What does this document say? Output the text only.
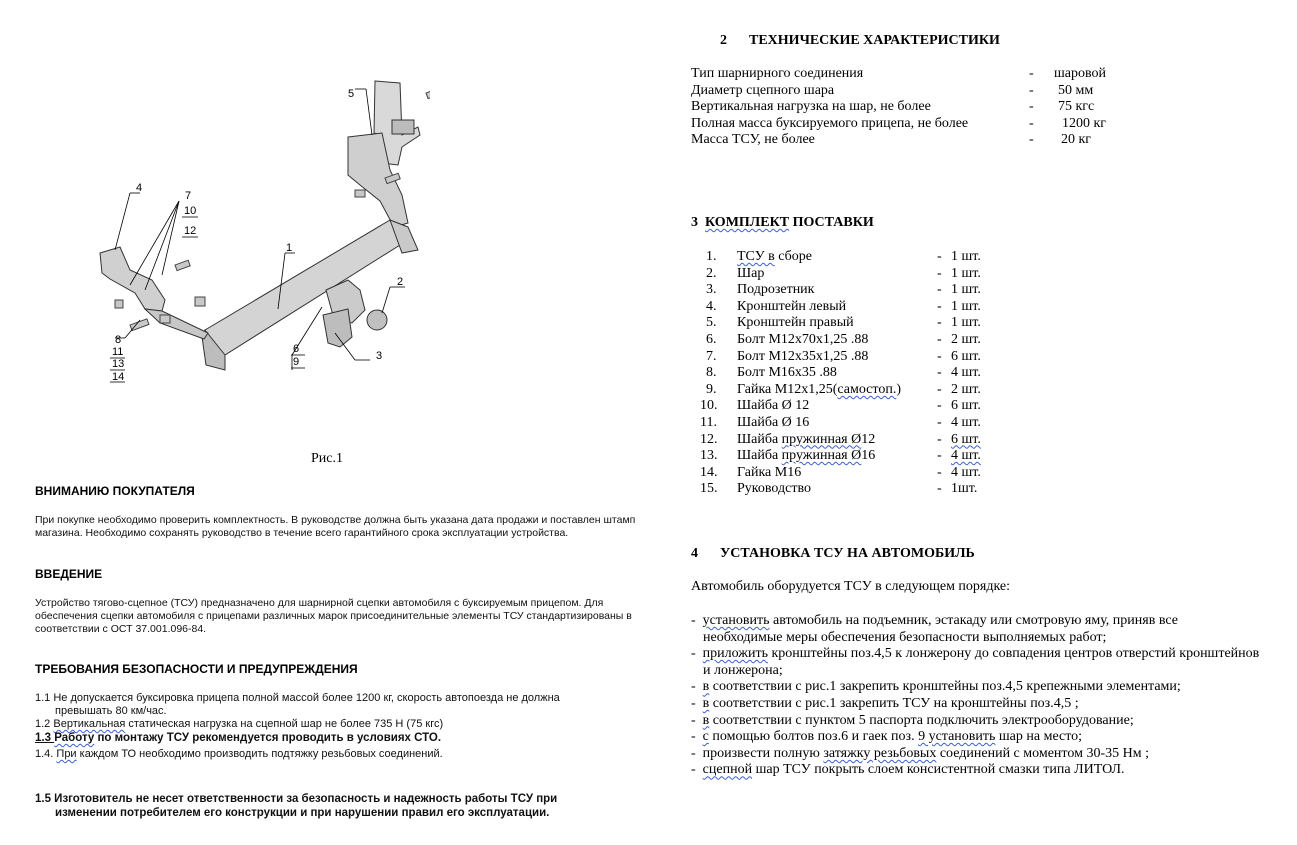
1
2
3
4
5
6
9
7
10
12
8
11
13
14
Рис.1
ВНИМАНИЮ ПОКУПАТЕЛЯ
При покупке необходимо проверить комплектность. В руководстве должна быть указана дата продажи и поставлен штамп
магазина. Необходимо сохранять руководство в течение всего гарантийного срока эксплуатации устройства.
ВВЕДЕНИЕ
Устройство тягово-сцепное (ТСУ) предназначено для шарнирной сцепки автомобиля с буксируемым прицепом. Для
обеспечения сцепки автомобиля с прицепами различных марок присоединительные элементы ТСУ стандартизированы в
соответствии с ОСТ 37.001.096-84.
ТРЕБОВАНИЯ БЕЗОПАСНОСТИ И ПРЕДУПРЕЖДЕНИЯ
1.1 Не допускается буксировка прицепа полной массой более 1200 кг, скорость автопоезда не должна
превышать 80 км/час.
1.2 Вертикальная статическая нагрузка на сцепной шар не более 735 Н (75 кгс)
1.3 Работу по монтажу ТСУ рекомендуется проводить в условиях СТО.
1.4. При каждом ТО необходимо производить подтяжку резьбовых соединений.
1.5 Изготовитель не несет ответственности за безопасность и надежность работы ТСУ при
изменении потребителем его конструкции и при нарушении правил его эксплуатации.
2 ТЕХНИЧЕСКИЕ ХАРАКТЕРИСТИКИ
Тип шарнирного соединения	- шаровой
Диаметр сцепного шара	- 50 мм
Вертикальная нагрузка на шар, не более	- 75 кгс
Полная масса буксируемого прицепа, не более	- 1200 кг
Масса ТСУ, не более	- 20 кг
3  КОМПЛЕКТ ПОСТАВКИ
1. ТСУ в сборе	- 1 шт.
2. Шар	- 1 шт.
3. Подрозетник	- 1 шт.
4. Кронштейн левый	- 1 шт.
5. Кронштейн правый	- 1 шт.
6. Болт М12х70х1,25 .88	- 2 шт.
7. Болт М12х35х1,25 .88	- 6 шт.
8. Болт М16х35 .88	- 4 шт.
9. Гайка М12х1,25(самостоп.)	- 2 шт.
10. Шайба Ø 12	- 6 шт.
11. Шайба Ø 16	- 4 шт.
12. Шайба пружинная Ø12	- 6 шт.
13. Шайба пружинная Ø16	- 4 шт.
14. Гайка М16	- 4 шт.
15. Руководство	- 1шт.
4 УСТАНОВКА ТСУ НА АВТОМОБИЛЬ
Автомобиль оборудуется ТСУ в следующем порядке:
-  установить автомобиль на подъемник, эстакаду или смотровую яму, приняв все
необходимые меры обеспечения безопасности выполняемых работ;
-  приложить кронштейны поз.4,5 к лонжерону до совпадения центров отверстий кронштейнов
и лонжерона;
-  в соответствии с рис.1 закрепить кронштейны поз.4,5 крепежными элементами;
-  в соответствии с рис.1 закрепить ТСУ на кронштейны поз.4,5 ;
-  в соответствии с пунктом 5 паспорта подключить электрооборудование;
-  с помощью болтов поз.6 и гаек поз. 9 установить шар на место;
-  произвести полную затяжку резьбовых соединений с моментом 30-35 Нм ;
-  сцепной шар ТСУ покрыть слоем консистентной смазки типа ЛИТОЛ.
